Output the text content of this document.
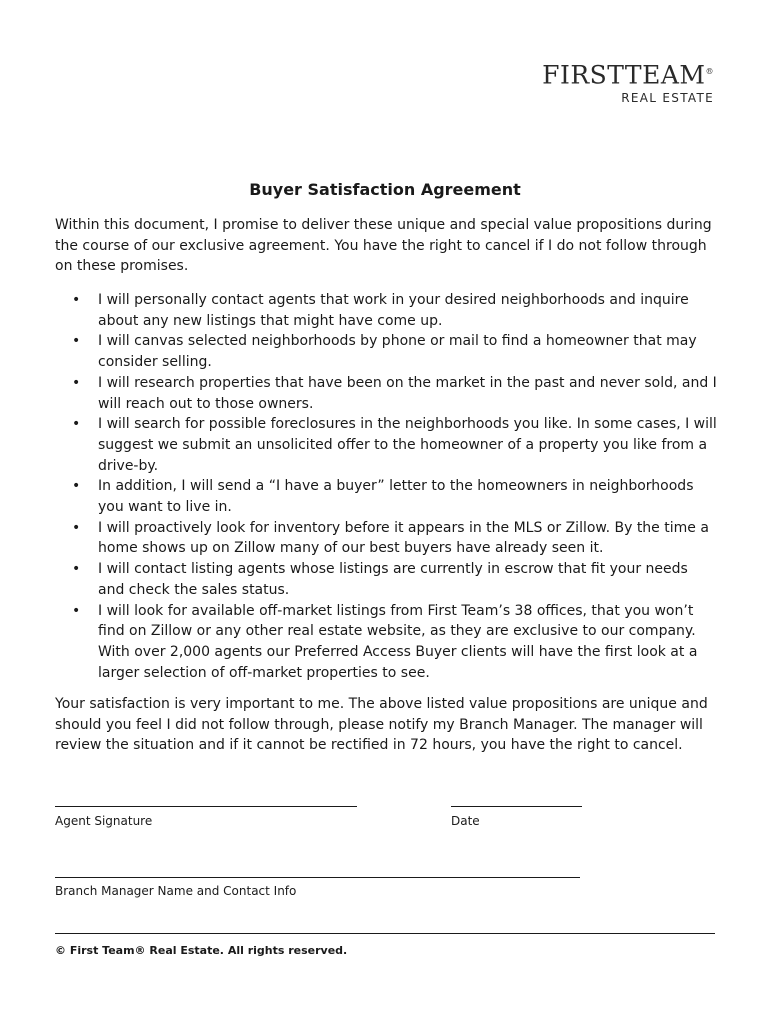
FIRSTTEAM®
REAL ESTATE
Buyer Satisfaction Agreement

Within this document, I promise to deliver these unique and special value propositions during the course of our exclusive agreement. You have the right to cancel if I do not follow through on these promises.

• I will personally contact agents that work in your desired neighborhoods and inquire about any new listings that might have come up.
• I will canvas selected neighborhoods by phone or mail to find a homeowner that may consider selling.
• I will research properties that have been on the market in the past and never sold, and I will reach out to those owners.
• I will search for possible foreclosures in the neighborhoods you like. In some cases, I will suggest we submit an unsolicited offer to the homeowner of a property you like from a drive-by.
• In addition, I will send a “I have a buyer” letter to the homeowners in neighborhoods you want to live in.
• I will proactively look for inventory before it appears in the MLS or Zillow. By the time a home shows up on Zillow many of our best buyers have already seen it.
• I will contact listing agents whose listings are currently in escrow that fit your needs and check the sales status.
• I will look for available off-market listings from First Team’s 38 offices, that you won’t find on Zillow or any other real estate website, as they are exclusive to our company. With over 2,000 agents our Preferred Access Buyer clients will have the first look at a larger selection of off-market properties to see.

Your satisfaction is very important to me. The above listed value propositions are unique and should you feel I did not follow through, please notify my Branch Manager. The manager will review the situation and if it cannot be rectified in 72 hours, you have the right to cancel.

Agent Signature	Date
Branch Manager Name and Contact Info
© First Team® Real Estate. All rights reserved.
